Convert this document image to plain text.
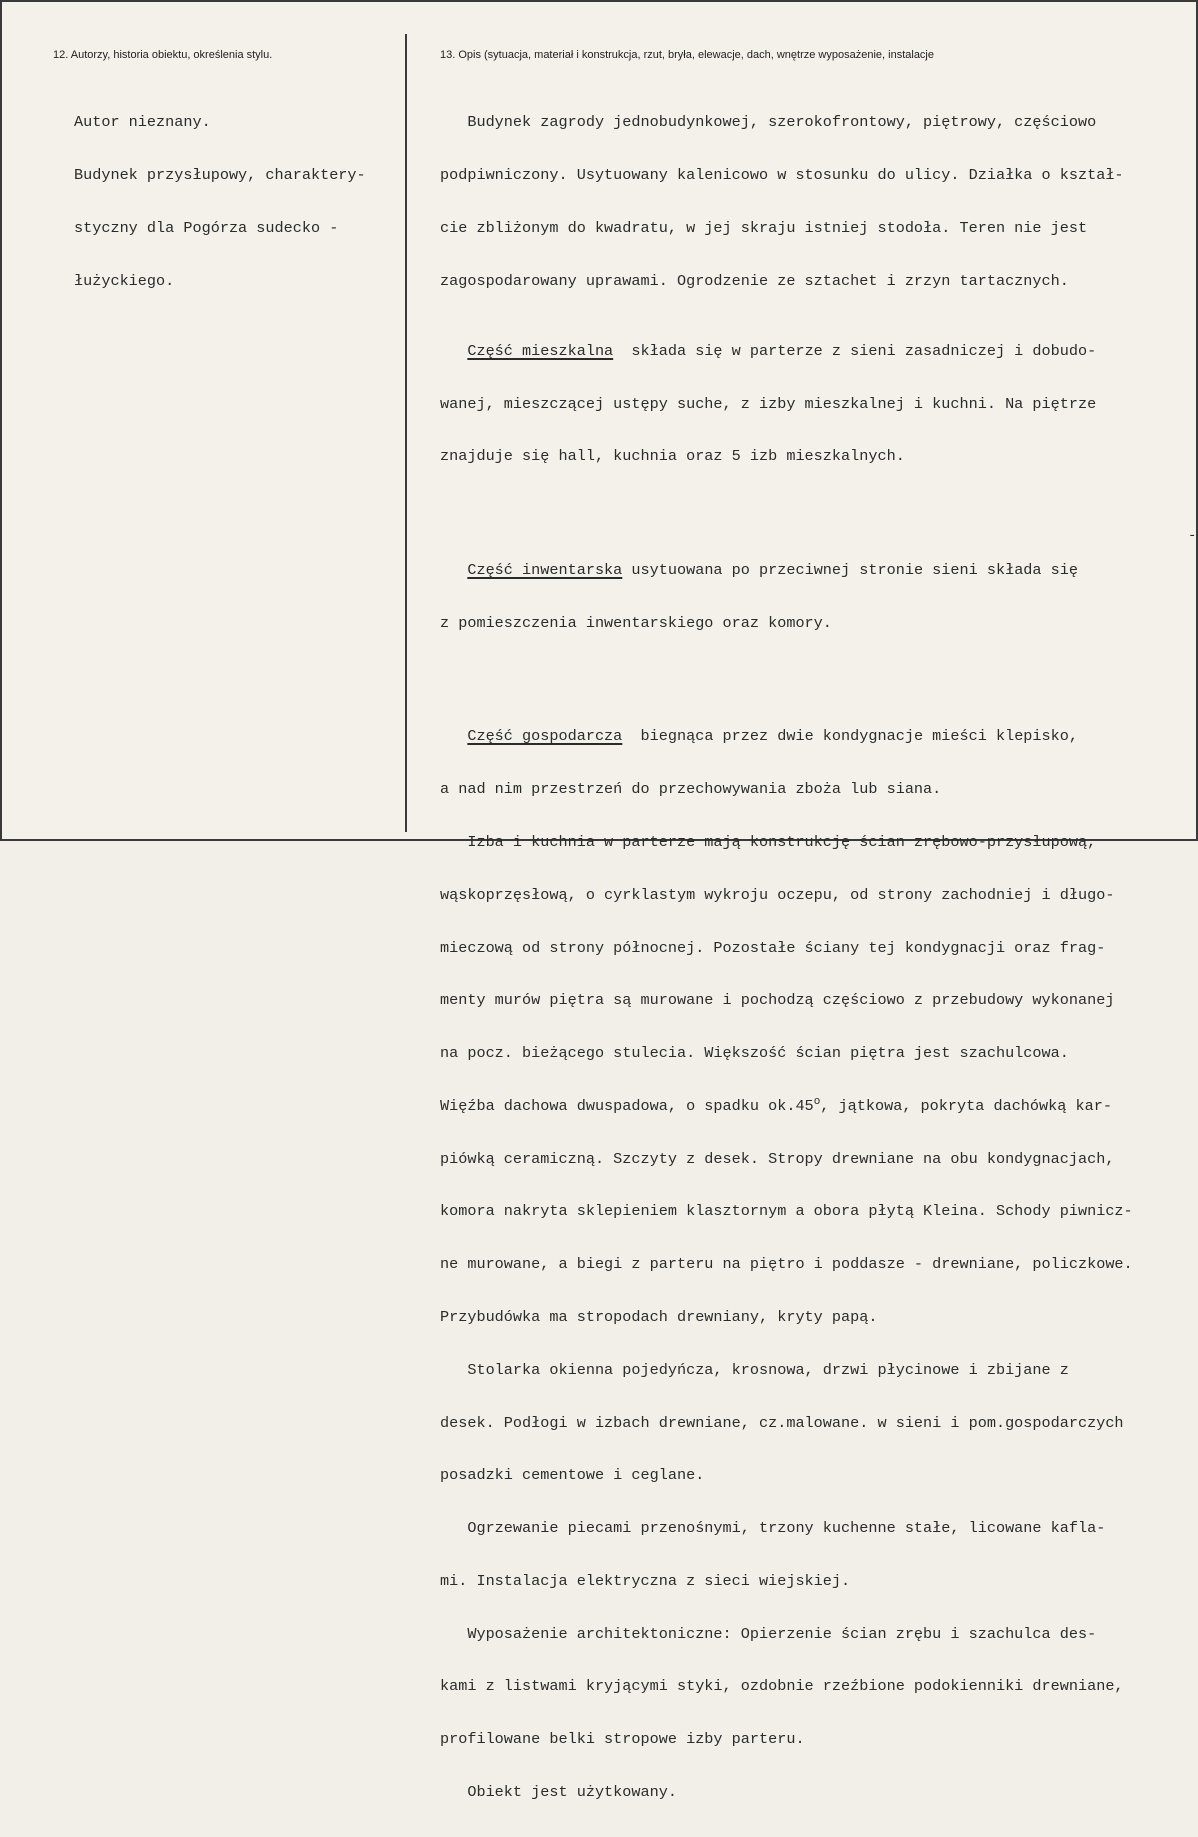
12. Autorzy, historia obiektu, określenia stylu.	13. Opis (sytuacja, materiał i konstrukcja, rzut, bryła, elewacje, dach, wnętrze wyposażenie, instalacje

Autor nieznany.

Budynek przysłupowy, charaktery-

styczny dla Pogórza sudecko -

łużyckiego.

Budynek zagrody jednobudynkowej, szerokofrontowy, piętrowy, częściowo

podpiwniczony. Usytuowany kalenicowo w stosunku do ulicy. Działka o kształ-

cie zbliżonym do kwadratu, w jej skraju istniej stodoła. Teren nie jest

zagospodarowany uprawami. Ogrodzenie ze sztachet i zrzyn tartacznych.

Część mieszkalna  składa się w parterze z sieni zasadniczej i dobudo-

wanej, mieszczącej ustępy suche, z izby mieszkalnej i kuchni. Na piętrze

znajduje się hall, kuchnia oraz 5 izb mieszkalnych.

Część inwentarska usytuowana po przeciwnej stronie sieni składa się

z pomieszczenia inwentarskiego oraz komory.

Część gospodarcza  biegnąca przez dwie kondygnacje mieści klepisko,

a nad nim przestrzeń do przechowywania zboża lub siana.

Izba i kuchnia w parterze mają konstrukcję ścian zrębowo-przysłupową,

wąskoprzęsłową, o cyrklastym wykroju oczepu, od strony zachodniej i długo-

mieczową od strony północnej. Pozostałe ściany tej kondygnacji oraz frag-

menty murów piętra są murowane i pochodzą częściowo z przebudowy wykonanej

na pocz. bieżącego stulecia. Większość ścian piętra jest szachulcowa.

Więźba dachowa dwuspadowa, o spadku ok.45$^o$, jątkowa, pokryta dachówką kar-

piówką ceramiczną. Szczyty z desek. Stropy drewniane na obu kondygnacjach,

komora nakryta sklepieniem klasztornym a obora płytą Kleina. Schody piwnicz-

ne murowane, a biegi z parteru na piętro i poddasze - drewniane, policzkowe.

Przybudówka ma stropodach drewniany, kryty papą.

Stolarka okienna pojedyńcza, krosnowa, drzwi płycinowe i zbijane z

desek. Podłogi w izbach drewniane, cz.malowane. w sieni i pom.gospodarczych

posadzki cementowe i ceglane.

Ogrzewanie piecami przenośnymi, trzony kuchenne stałe, licowane kafla-

mi. Instalacja elektryczna z sieci wiejskiej.

Wyposażenie architektoniczne: Opierzenie ścian zrębu i szachulca des-

kami z listwami kryjącymi styki, ozdobnie rzeźbione podokienniki drewniane,

profilowane belki stropowe izby parteru.

Obiekt jest użytkowany.

-
